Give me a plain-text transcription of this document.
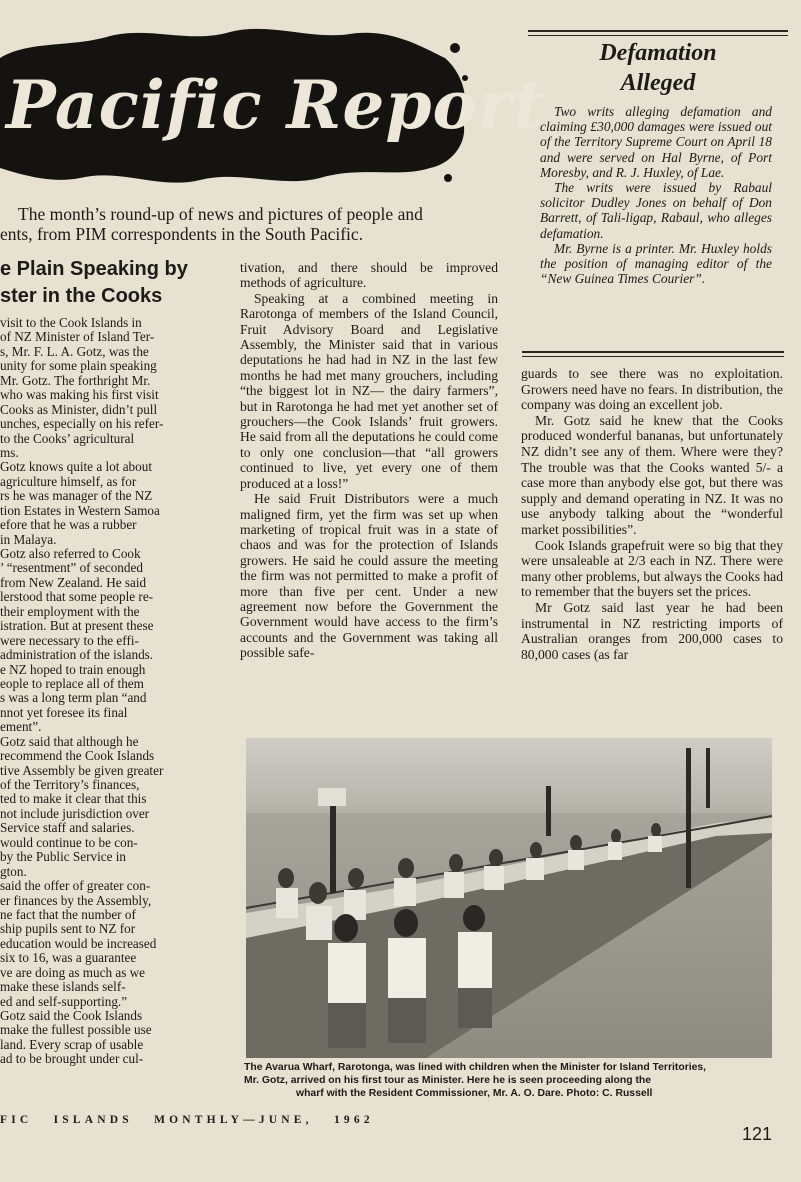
Pacific Report
The month’s round-up of news and pictures of people and
ents, from PIM correspondents in the South Pacific.
e Plain Speaking by
ster in the Cooks
visit to the Cook Islands in
of NZ Minister of Island Ter-
s, Mr. F. L. A. Gotz, was the
unity for some plain speaking
Mr. Gotz. The forthright Mr.
who was making his first visit
Cooks as Minister, didn’t pull
unches, especially on his refer-
to the Cooks’ agricultural
ms.
Gotz knows quite a lot about
agriculture himself, as for
rs he was manager of the NZ
tion Estates in Western Samoa
efore that he was a rubber
in Malaya.
Gotz also referred to Cook
’ “resentment” of seconded
from New Zealand. He said
lerstood that some people re-
their employment with the
istration. But at present these
were necessary to the effi-
administration of the islands.
e NZ hoped to train enough
eople to replace all of them
s was a long term plan “and
nnot yet foresee its final
ement”.
Gotz said that although he
recommend the Cook Islands
tive Assembly be given greater
of the Territory’s finances,
ted to make it clear that this
not include jurisdiction over
Service staff and salaries.
would continue to be con-
by the Public Service in
gton.
said the offer of greater con-
er finances by the Assembly,
ne fact that the number of
ship pupils sent to NZ for
education would be increased
six to 16, was a guarantee
ve are doing as much as we
make these islands self-
ed and self-supporting.”
Gotz said the Cook Islands
make the fullest possible use
land. Every scrap of usable
ad to be brought under cul-

tivation, and there should be improved methods of agriculture.

Speaking at a combined meeting in Rarotonga of members of the Island Council, Fruit Advisory Board and Legislative Assembly, the Minister said that in various deputations he had had in NZ in the last few months he had met many grouchers, including “the biggest lot in NZ— the dairy farmers”, but in Rarotonga he had met yet another set of grouchers—the Cook Islands’ fruit growers. He said from all the deputations he could come to only one conclusion—that “all growers continued to live, yet every one of them produced at a loss!”

He said Fruit Distributors were a much maligned firm, yet the firm was set up when marketing of tropical fruit was in a state of chaos and was for the protection of Islands growers. He said he could assure the meeting the firm was not permitted to make a profit of more than five per cent. Under a new agreement now before the Government the Government would have access to the firm’s accounts and the Government was taking all possible safe-

Defamation
Alleged

Two writs alleging defamation and claiming £30,000 damages were issued out of the Territory Supreme Court on April 18 and were served on Hal Byrne, of Port Moresby, and R. J. Huxley, of Lae.

The writs were issued by Rabaul solicitor Dudley Jones on behalf of Don Barrett, of Tali-ligap, Rabaul, who alleges defamation.

Mr. Byrne is a printer. Mr. Huxley holds the position of managing editor of the “New Guinea Times Courier”.

guards to see there was no exploitation. Growers need have no fears. In distribution, the company was doing an excellent job.

Mr. Gotz said he knew that the Cooks produced wonderful bananas, but unfortunately NZ didn’t see any of them. Where were they? The trouble was that the Cooks wanted 5/- a case more than anybody else got, but there was supply and demand operating in NZ. It was no use anybody talking about the “wonderful market possibilities”.

Cook Islands grapefruit were so big that they were unsaleable at 2/3 each in NZ. There were many other problems, but always the Cooks had to remember that the buyers set the prices.

Mr Gotz said last year he had been instrumental in NZ restricting imports of Australian oranges from 200,000 cases to 80,000 cases (as far

The Avarua Wharf, Rarotonga, was lined with children when the Minister for Island Territories,
Mr. Gotz, arrived on his first tour as Minister. Here he is seen proceeding along the
wharf with the Resident Commissioner, Mr. A. O. Dare. Photo: C. Russell
FIC   ISLANDS   MONTHLY—JUNE,   1962
121
